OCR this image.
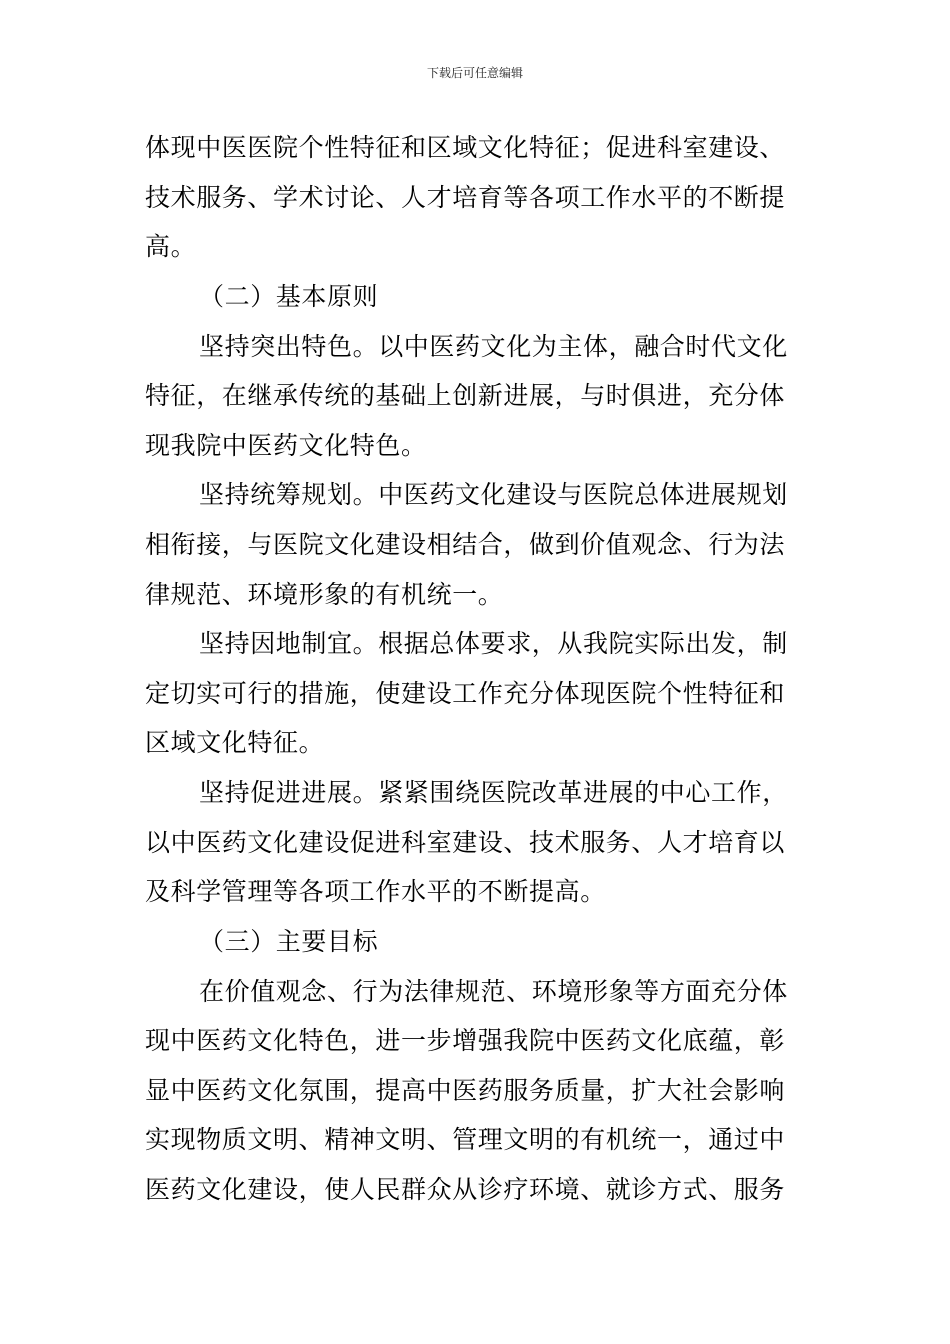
下载后可任意编辑
体现中医医院个性特征和区域文化特征；促进科室建设、
技术服务、学术讨论、人才培育等各项工作水平的不断提
高。
（二）基本原则
坚持突出特色。以中医药文化为主体，融合时代文化
特征，在继承传统的基础上创新进展，与时俱进，充分体
现我院中医药文化特色。
坚持统筹规划。中医药文化建设与医院总体进展规划
相衔接，与医院文化建设相结合，做到价值观念、行为法
律规范、环境形象的有机统一。
坚持因地制宜。根据总体要求，从我院实际出发，制
定切实可行的措施，使建设工作充分体现医院个性特征和
区域文化特征。
坚持促进进展。紧紧围绕医院改革进展的中心工作，
以中医药文化建设促进科室建设、技术服务、人才培育以
及科学管理等各项工作水平的不断提高。
（三）主要目标
在价值观念、行为法律规范、环境形象等方面充分体
现中医药文化特色，进一步增强我院中医药文化底蕴，彰
显中医药文化氛围，提高中医药服务质量，扩大社会影响
实现物质文明、精神文明、管理文明的有机统一，通过中
医药文化建设，使人民群众从诊疗环境、就诊方式、服务
